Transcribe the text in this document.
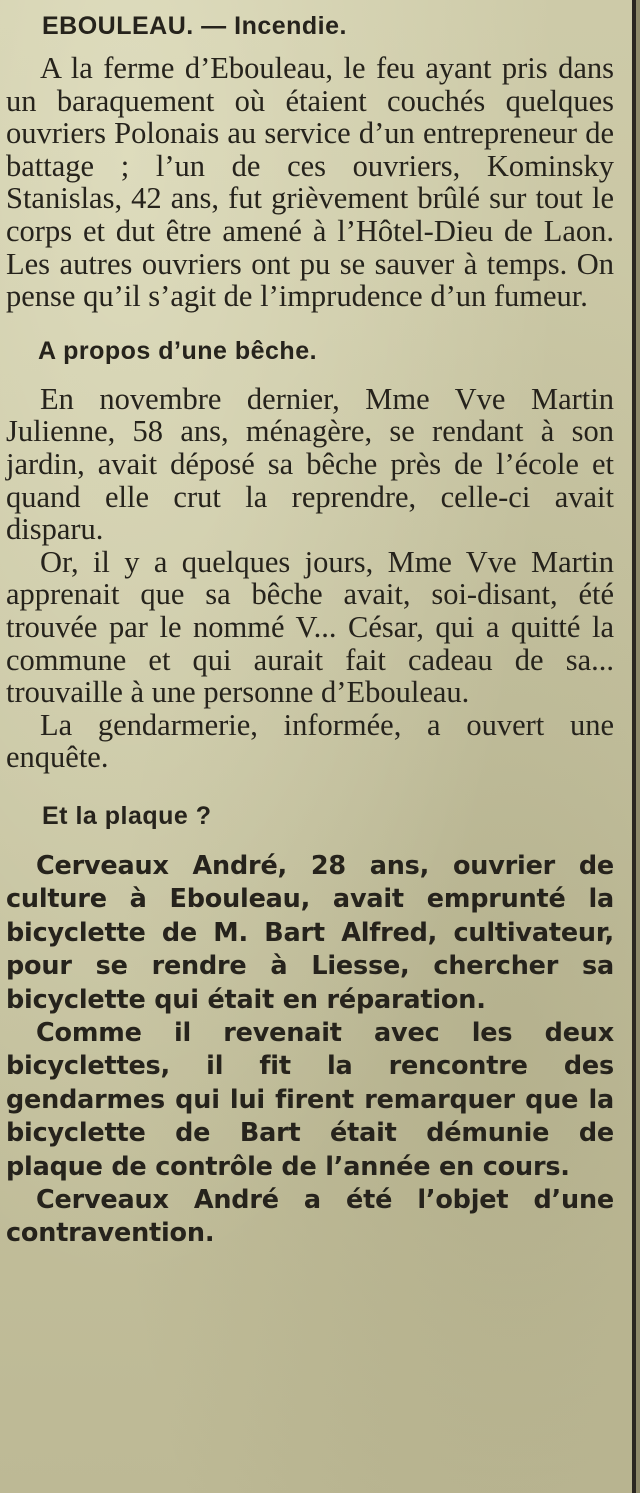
EBOULEAU. — Incendie.

A la ferme d’Ebouleau, le feu ayant pris dans un baraquement où étaient couchés quelques ouvriers Polonais au service d’un entrepreneur de battage ; l’un de ces ouvriers, Kominsky Stanislas, 42 ans, fut grièvement brûlé sur tout le corps et dut être amené à l’Hôtel-Dieu de Laon. Les autres ouvriers ont pu se sauver à temps. On pense qu’il s’agit de l’imprudence d’un fumeur.

A propos d’une bêche.

En novembre dernier, Mme Vve Martin Julienne, 58 ans, ménagère, se rendant à son jardin, avait déposé sa bêche près de l’école et quand elle crut la reprendre, celle-ci avait disparu.

Or, il y a quelques jours, Mme Vve Martin apprenait que sa bêche avait, soi-disant, été trouvée par le nommé V... César, qui a quitté la commune et qui aurait fait cadeau de sa... trouvaille à une personne d’Ebouleau.

La gendarmerie, informée, a ouvert une enquête.

Et la plaque ?

Cerveaux André, 28 ans, ouvrier de culture à Ebouleau, avait emprunté la bicyclette de M. Bart Alfred, cultivateur, pour se rendre à Liesse, chercher sa bicyclette qui était en réparation.

Comme il revenait avec les deux bicyclettes, il fit la rencontre des gendarmes qui lui firent remarquer que la bicyclette de Bart était démunie de plaque de contrôle de l’année en cours.

Cerveaux André a été l’objet d’une contravention.
